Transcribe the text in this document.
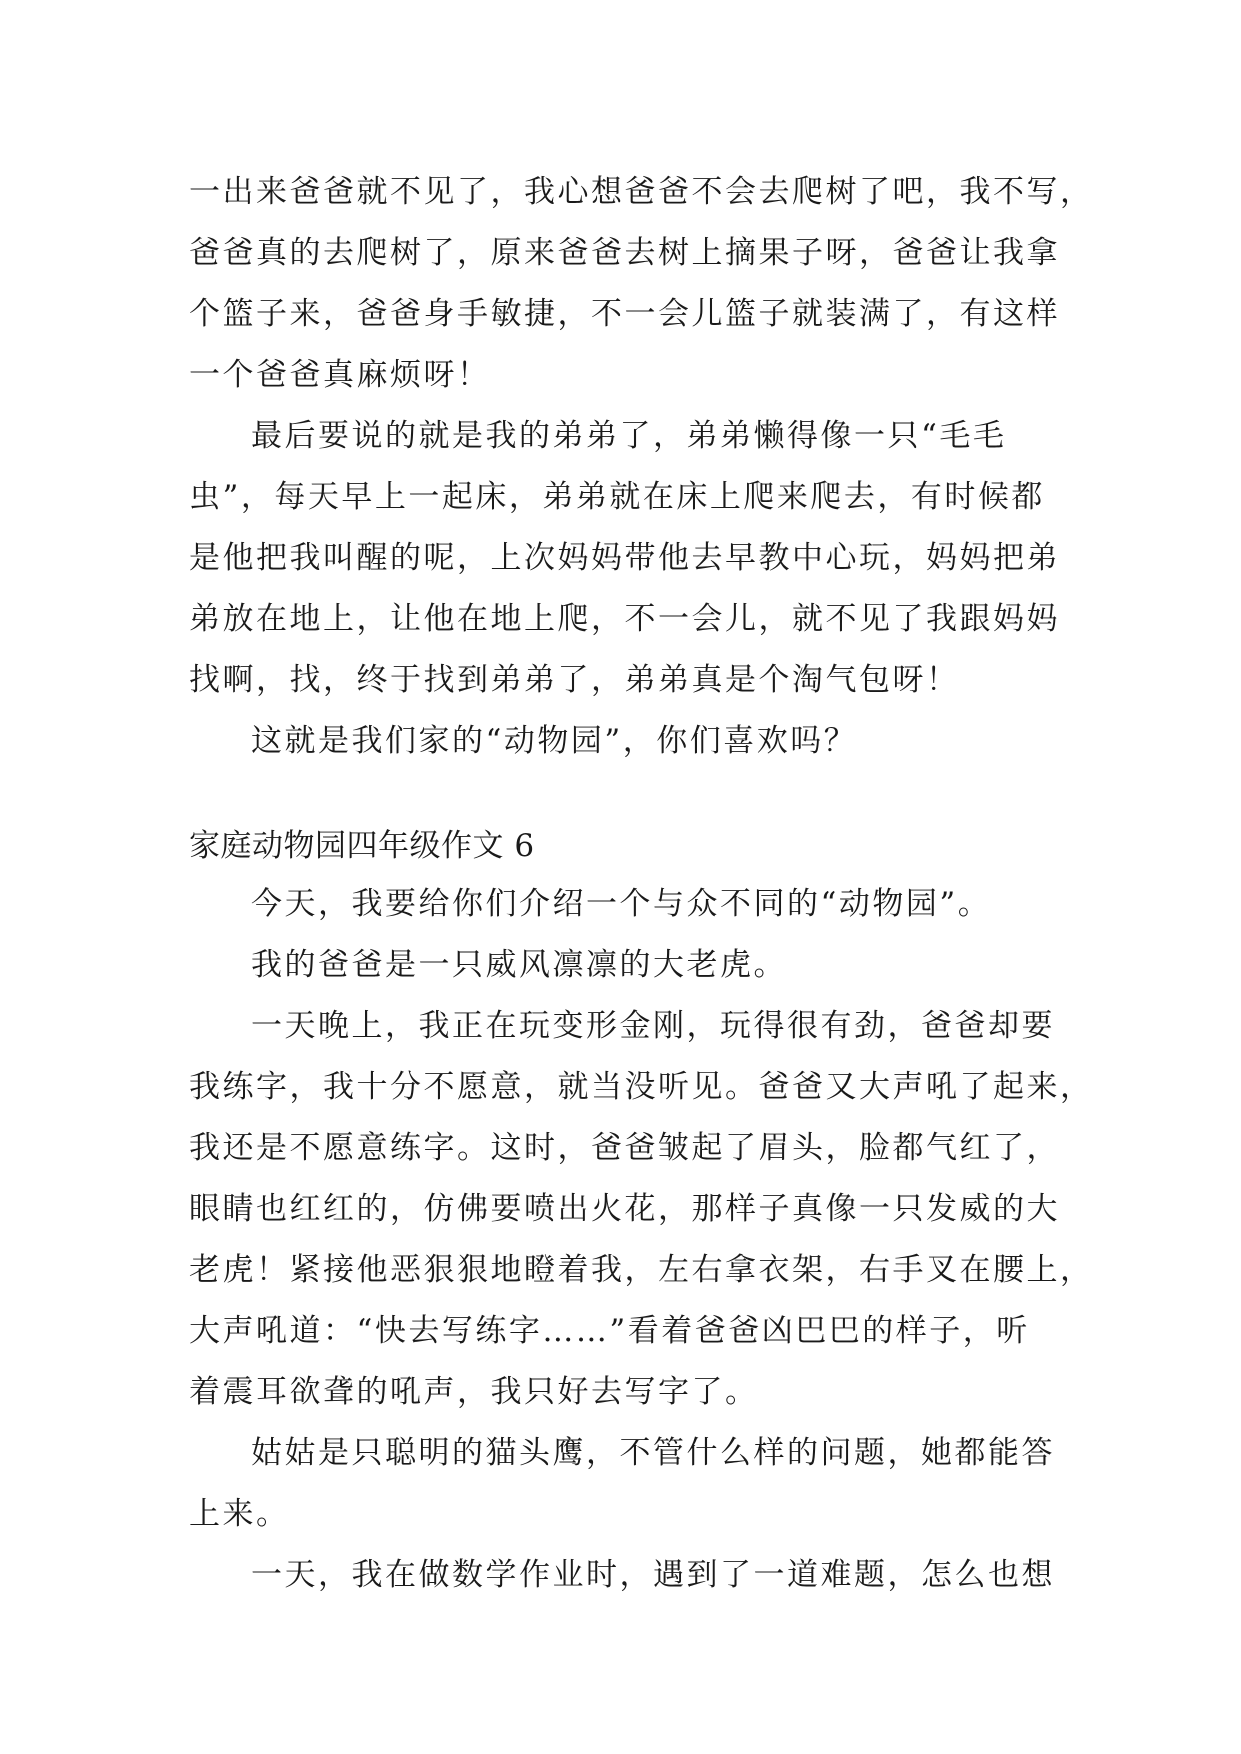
一出来爸爸就不见了，我心想爸爸不会去爬树了吧，我不写，
爸爸真的去爬树了，原来爸爸去树上摘果子呀，爸爸让我拿
个篮子来，爸爸身手敏捷，不一会儿篮子就装满了，有这样
一个爸爸真麻烦呀！
最后要说的就是我的弟弟了，弟弟懒得像一只“毛毛
虫”，每天早上一起床，弟弟就在床上爬来爬去，有时候都
是他把我叫醒的呢，上次妈妈带他去早教中心玩，妈妈把弟
弟放在地上，让他在地上爬，不一会儿，就不见了我跟妈妈
找啊，找，终于找到弟弟了，弟弟真是个淘气包呀！
这就是我们家的“动物园”，你们喜欢吗？
家庭动物园四年级作文 6
今天，我要给你们介绍一个与众不同的“动物园”。
我的爸爸是一只威风凛凛的大老虎。
一天晚上，我正在玩变形金刚，玩得很有劲，爸爸却要
我练字，我十分不愿意，就当没听见。爸爸又大声吼了起来，
我还是不愿意练字。这时，爸爸皱起了眉头，脸都气红了，
眼睛也红红的，仿佛要喷出火花，那样子真像一只发威的大
老虎！紧接他恶狠狠地瞪着我，左右拿衣架，右手叉在腰上，
大声吼道：“快去写练字……”看着爸爸凶巴巴的样子，听
着震耳欲聋的吼声，我只好去写字了。
姑姑是只聪明的猫头鹰，不管什么样的问题，她都能答
上来。
一天，我在做数学作业时，遇到了一道难题，怎么也想
